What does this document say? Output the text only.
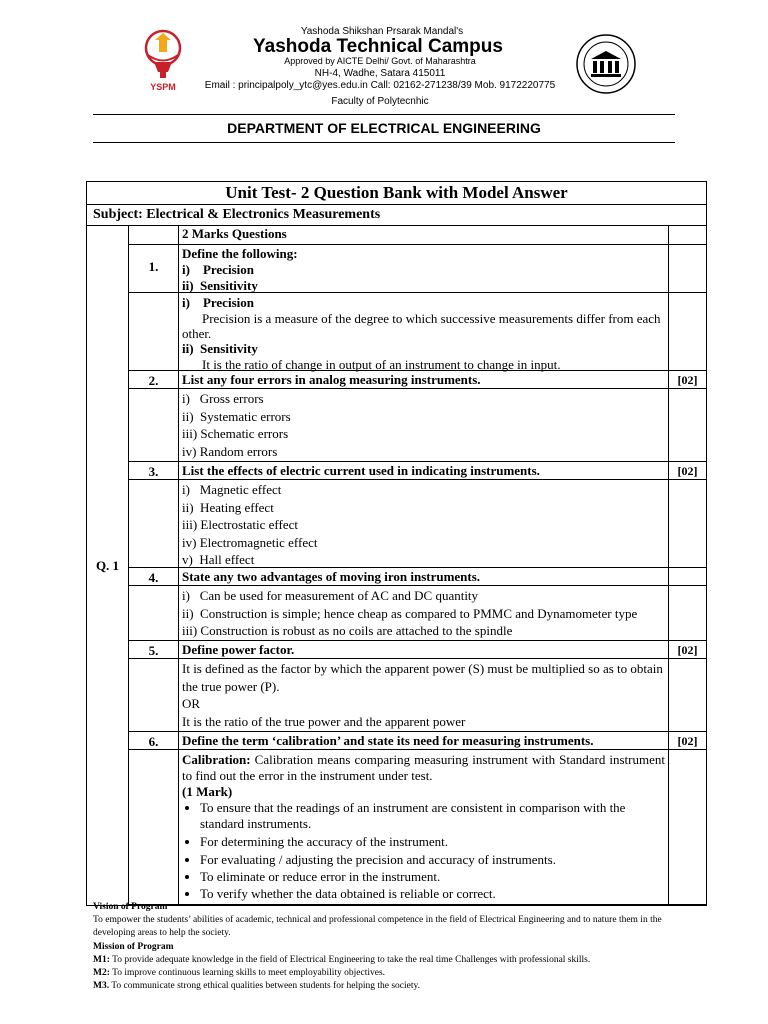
YSPM
Yashoda Shikshan Prsarak Mandal's
Yashoda Technical Campus
Approved by AICTE Delhi/ Govt. of Maharashtra
NH-4, Wadhe, Satara 415011
Email : principalpoly_ytc@yes.edu.in Call: 02162-271238/39 Mob. 9172220775
Faculty of Polytecnhic
DEPARTMENT OF ELECTRICAL ENGINEERING
Unit Test- 2 Question Bank with Model Answer
Subject: Electrical & Electronics Measurements
Q. 1
2 Marks Questions
1.
Define the following:
i)    Precision
ii)  Sensitivity
i)    Precision
Precision is a measure of the degree to which successive measurements differ from each other.
ii)  Sensitivity
It is the ratio of change in output of an instrument to change in input.
2.	List any four errors in analog measuring instruments.	[02]
i)   Gross errors
ii)  Systematic errors
iii) Schematic errors
iv) Random errors
3.	List the effects of electric current used in indicating instruments.	[02]
i)   Magnetic effect
ii)  Heating effect
iii) Electrostatic effect
iv) Electromagnetic effect
v)  Hall effect
4.	State any two advantages of moving iron instruments.
i)   Can be used for measurement of AC and DC quantity
ii)  Construction is simple; hence cheap as compared to PMMC and Dynamometer type
iii) Construction is robust as no coils are attached to the spindle
5.	Define power factor.	[02]
It is defined as the factor by which the apparent power (S) must be multiplied so as to obtain the true power (P).
OR
It is the ratio of the true power and the apparent power
6.	Define the term ‘calibration’ and state its need for measuring instruments.	[02]
Calibration: Calibration means comparing measuring instrument with Standard instrument to find out the error in the instrument under test.
(1 Mark)
• To ensure that the readings of an instrument are consistent in comparison with the standard instruments.
• For determining the accuracy of the instrument.
• For evaluating / adjusting the precision and accuracy of instruments.
• To eliminate or reduce error in the instrument.
• To verify whether the data obtained is reliable or correct.
Vision of Program
To empower the students’ abilities of academic, technical and professional competence in the field of Electrical Engineering and to nature them in the developing areas to help the society.
Mission of Program
M1: To provide adequate knowledge in the field of Electrical Engineering to take the real time Challenges with professional skills.
M2: To improve continuous learning skills to meet employability objectives.
M3. To communicate strong ethical qualities between students for helping the society.
